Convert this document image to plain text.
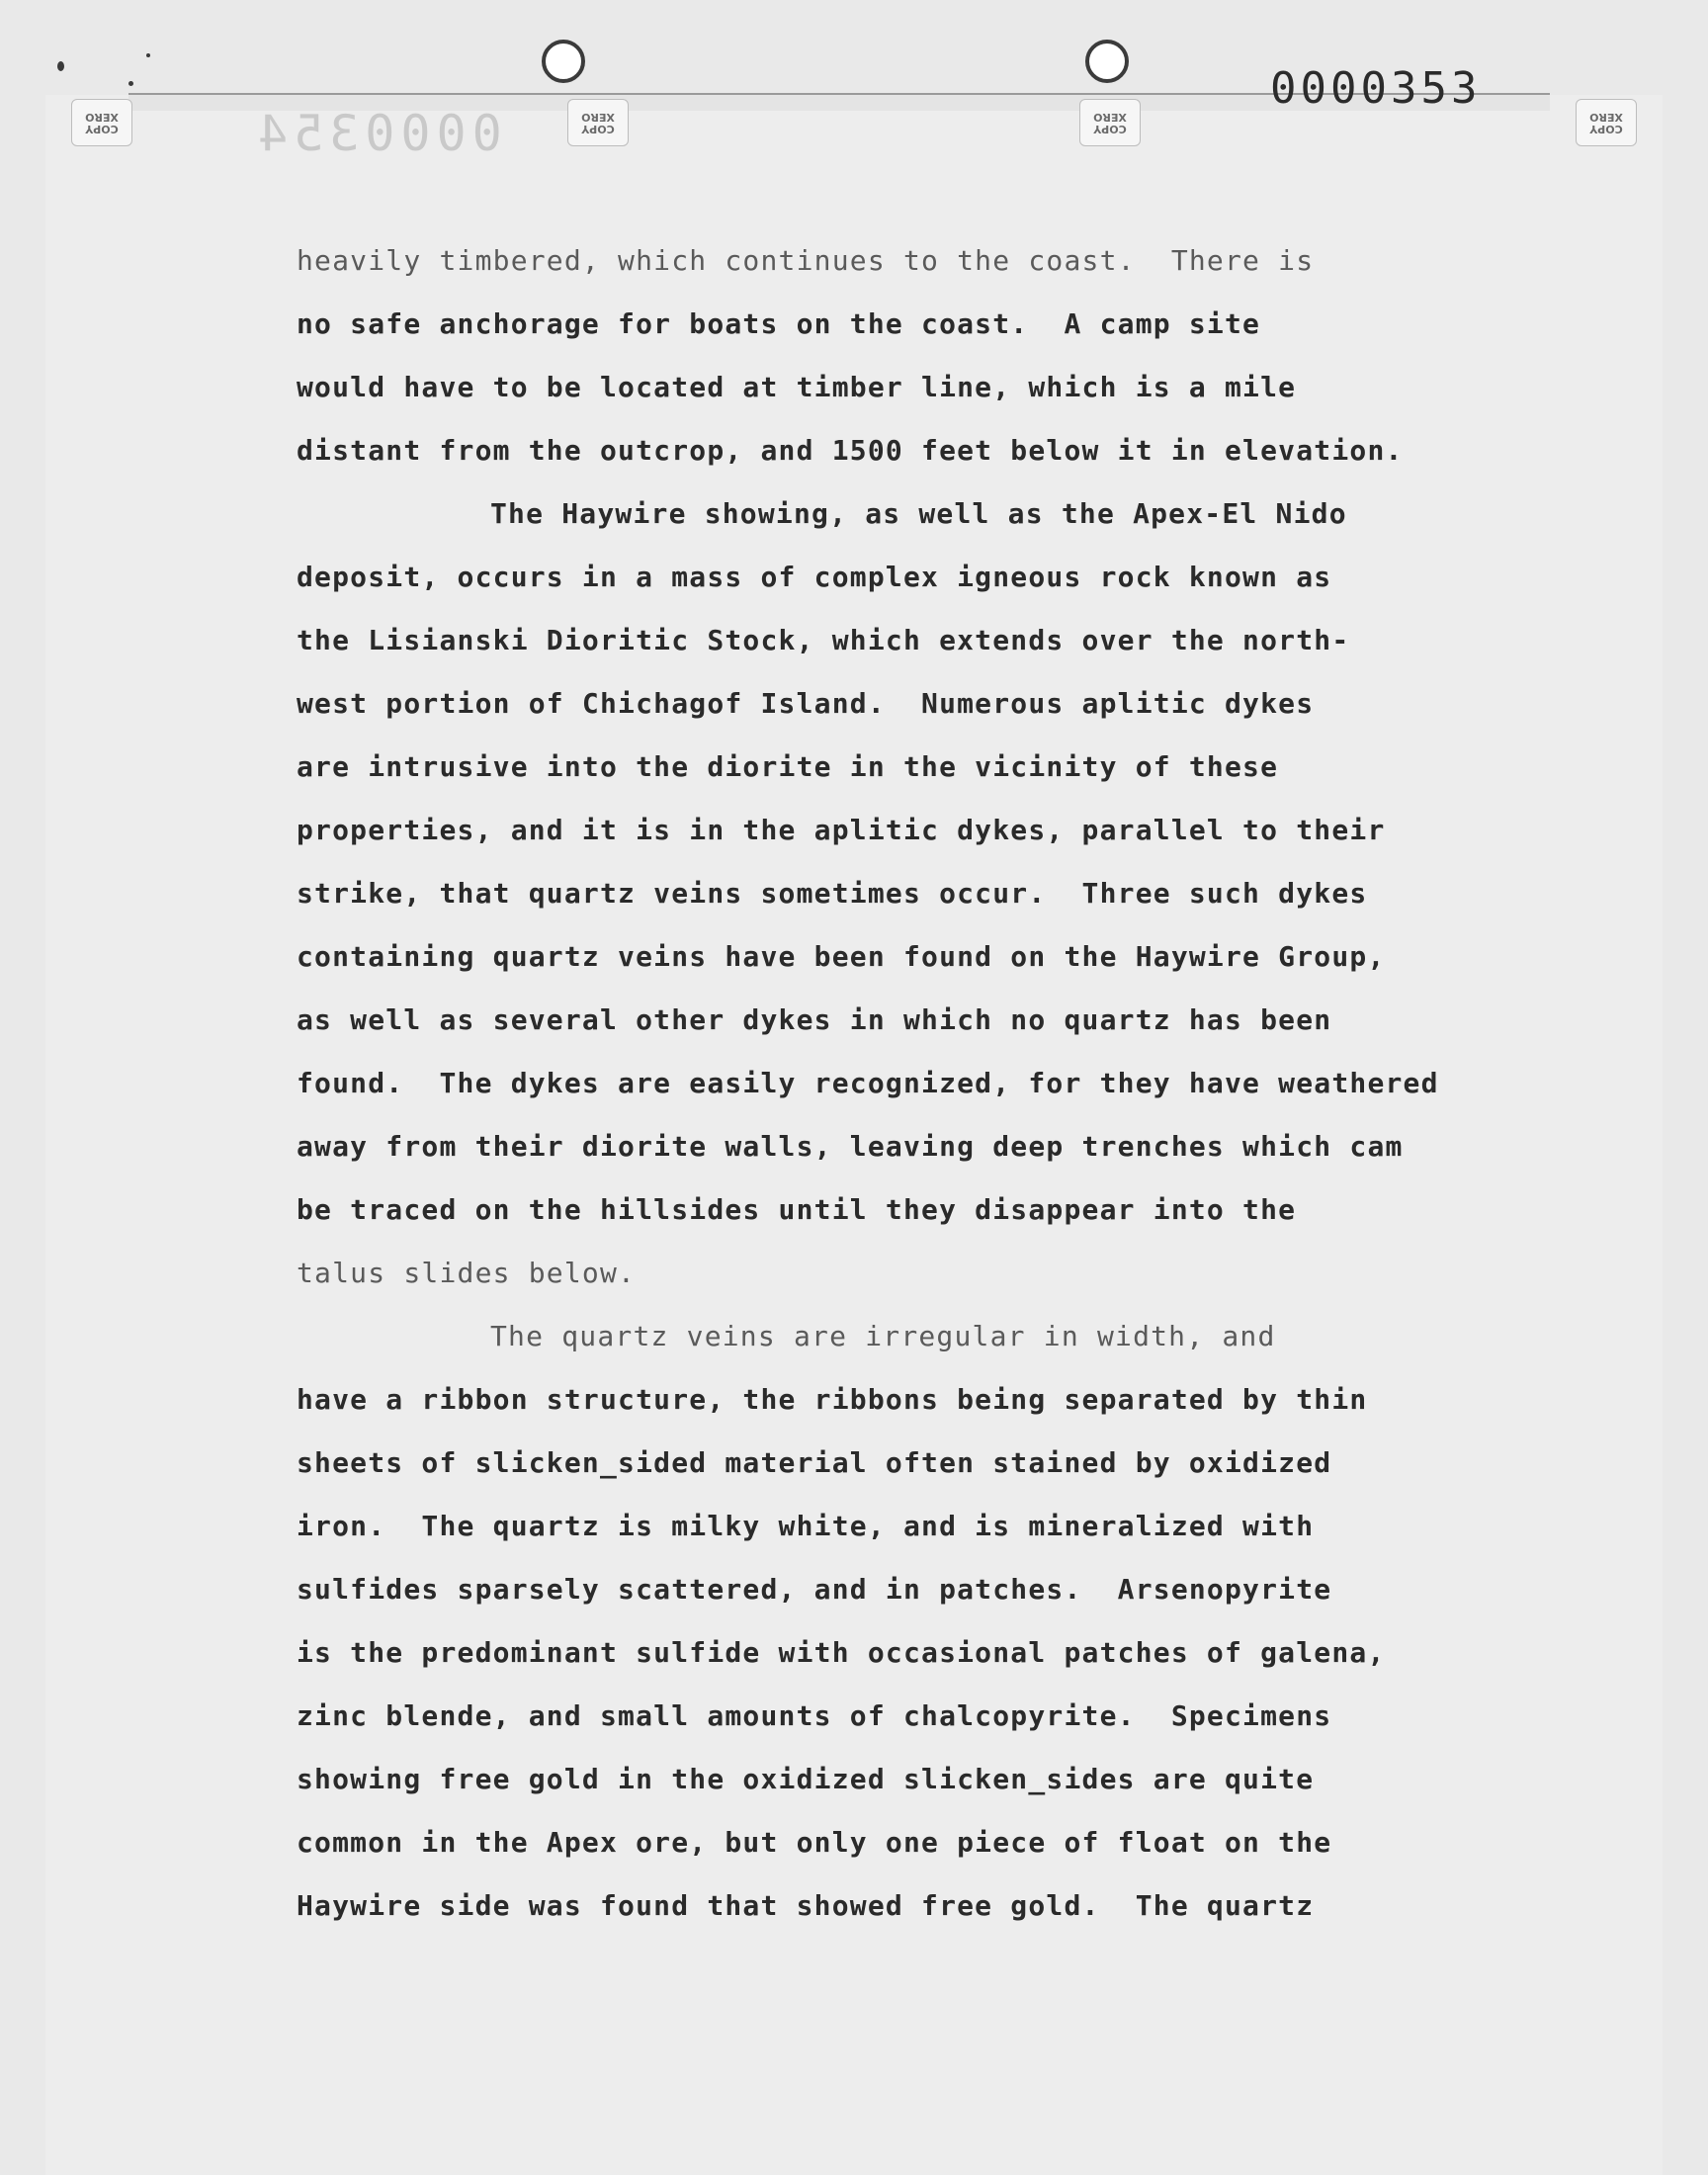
COPY
XERO
COPY
XERO
COPY
XERO
COPY
XERO
0000354
0000353
heavily timbered, which continues to the coast.  There is
no safe anchorage for boats on the coast.  A camp site
would have to be located at timber line, which is a mile
distant from the outcrop, and 1500 feet below it in elevation.
The Haywire showing, as well as the Apex-El Nido
deposit, occurs in a mass of complex igneous rock known as
the Lisianski Dioritic Stock, which extends over the north-
west portion of Chichagof Island.  Numerous aplitic dykes
are intrusive into the diorite in the vicinity of these
properties, and it is in the aplitic dykes, parallel to their
strike, that quartz veins sometimes occur.  Three such dykes
containing quartz veins have been found on the Haywire Group,
as well as several other dykes in which no quartz has been
found.  The dykes are easily recognized, for they have weathered
away from their diorite walls, leaving deep trenches which cam
be traced on the hillsides until they disappear into the
talus slides below.
The quartz veins are irregular in width, and
have a ribbon structure, the ribbons being separated by thin
sheets of slicken_sided material often stained by oxidized
iron.  The quartz is milky white, and is mineralized with
sulfides sparsely scattered, and in patches.  Arsenopyrite
is the predominant sulfide with occasional patches of galena,
zinc blende, and small amounts of chalcopyrite.  Specimens
showing free gold in the oxidized slicken_sides are quite
common in the Apex ore, but only one piece of float on the
Haywire side was found that showed free gold.  The quartz
